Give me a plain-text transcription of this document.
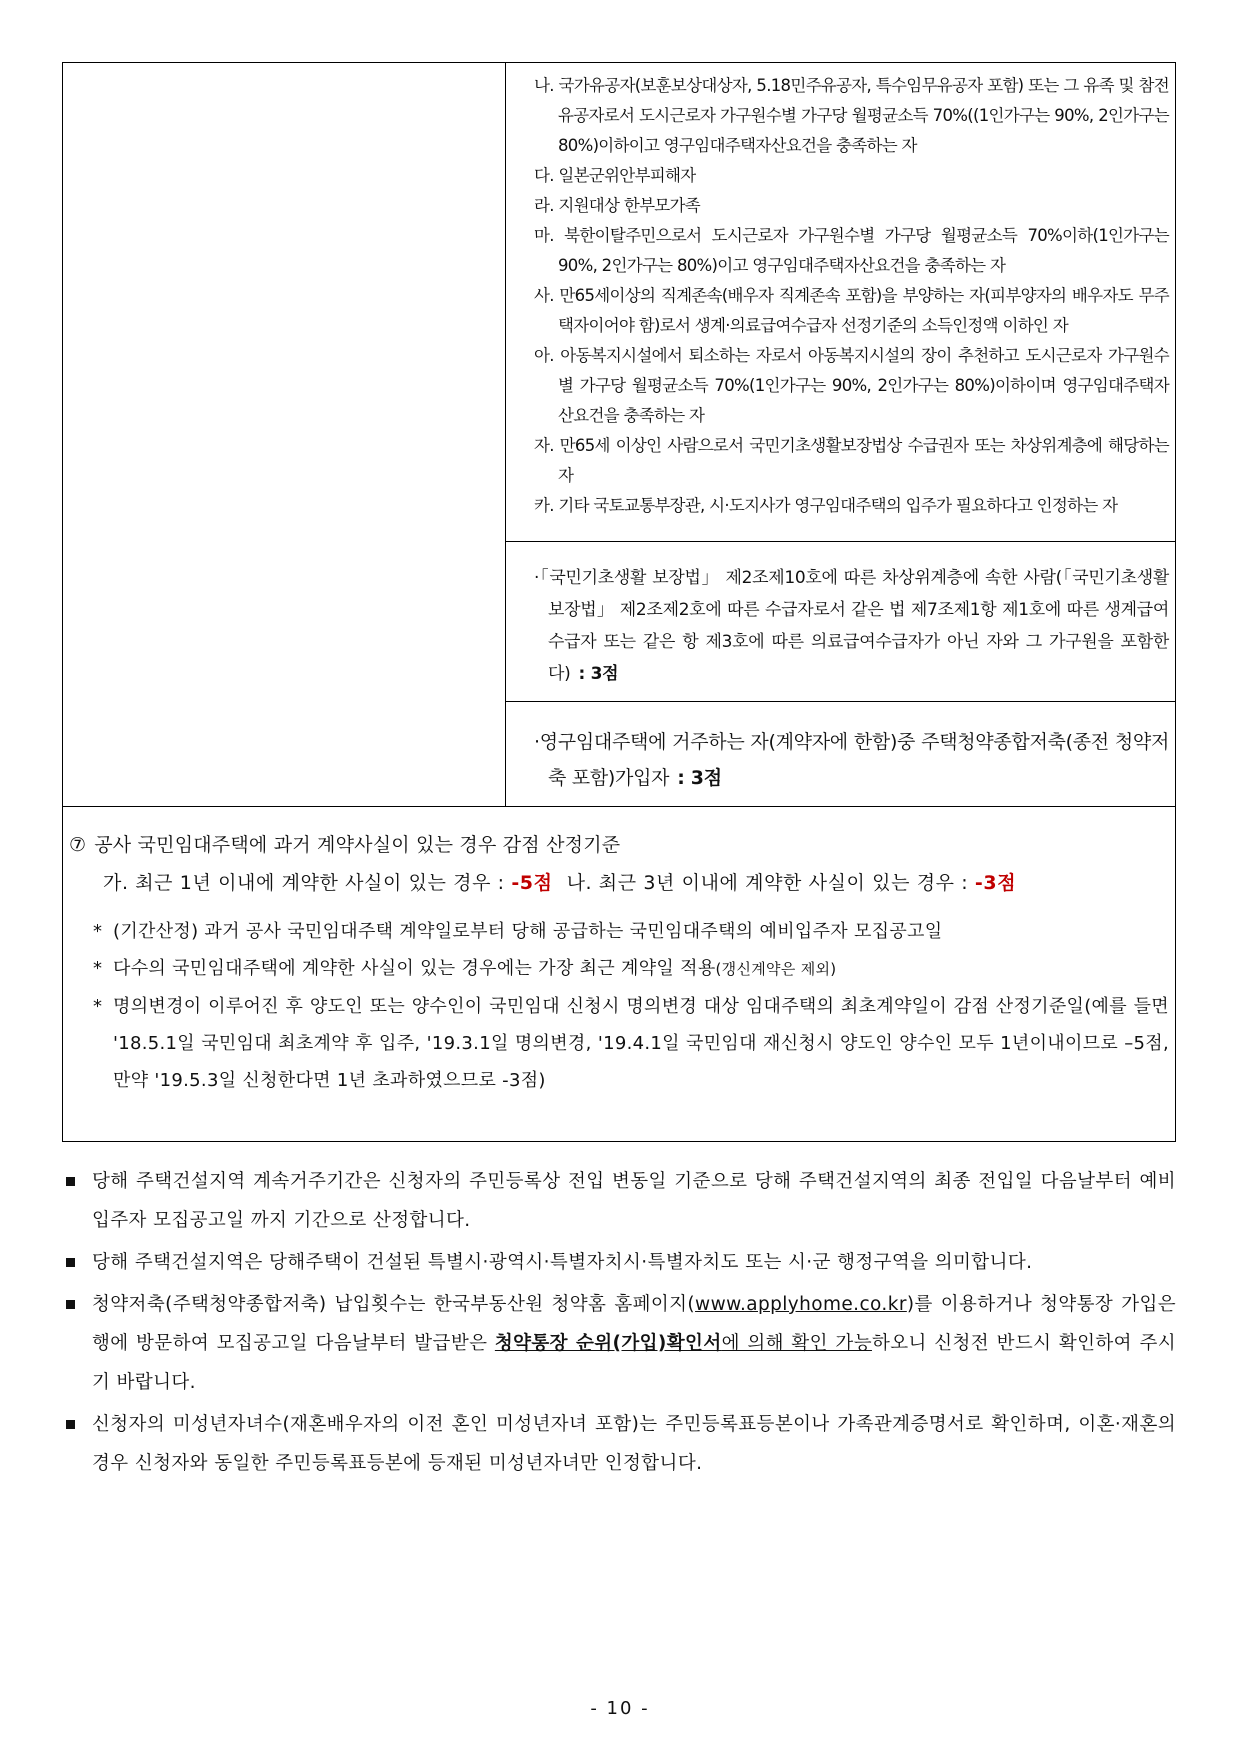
나. 국가유공자(보훈보상대상자, 5.18민주유공자, 특수임무유공자 포함) 또는 그 유족 및 참전유공자로서 도시근로자 가구원수별 가구당 월평균소득 70%((1인가구는 90%, 2인가구는 80%)이하이고 영구임대주택자산요건을 충족하는 자
다. 일본군위안부피해자
라. 지원대상 한부모가족
마. 북한이탈주민으로서 도시근로자 가구원수별 가구당 월평균소득 70%이하(1인가구는 90%, 2인가구는 80%)이고 영구임대주택자산요건을 충족하는 자
사. 만65세이상의 직계존속(배우자 직계존속 포함)을 부양하는 자(피부양자의 배우자도 무주택자이어야 함)로서 생계·의료급여수급자 선정기준의 소득인정액 이하인 자
아. 아동복지시설에서 퇴소하는 자로서 아동복지시설의 장이 추천하고 도시근로자 가구원수별 가구당 월평균소득 70%(1인가구는 90%, 2인가구는 80%)이하이며 영구임대주택자산요건을 충족하는 자
자. 만65세 이상인 사람으로서 국민기초생활보장법상 수급권자 또는 차상위계층에 해당하는 자
카. 기타 국토교통부장관, 시·도지사가 영구임대주택의 입주가 필요하다고 인정하는 자

·「국민기초생활 보장법」 제2조제10호에 따른 차상위계층에 속한 사람(「국민기초생활 보장법」 제2조제2호에 따른 수급자로서 같은 법 제7조제1항 제1호에 따른 생계급여 수급자 또는 같은 항 제3호에 따른 의료급여수급자가 아닌 자와 그 가구원을 포함한다) : 3점

·영구임대주택에 거주하는 자(계약자에 한함)중 주택청약종합저축(종전 청약저축 포함)가입자 : 3점

⑦ 공사 국민임대주택에 과거 계약사실이 있는 경우 감점 산정기준

가. 최근 1년 이내에 계약한 사실이 있는 경우 : -5점 나. 최근 3년 이내에 계약한 사실이 있는 경우 : -3점

* (기간산정) 과거 공사 국민임대주택 계약일로부터 당해 공급하는 국민임대주택의 예비입주자 모집공고일
* 다수의 국민임대주택에 계약한 사실이 있는 경우에는 가장 최근 계약일 적용(갱신계약은 제외)
* 명의변경이 이루어진 후 양도인 또는 양수인이 국민임대 신청시 명의변경 대상 임대주택의 최초계약일이 감점 산정기준일(예를 들면 '18.5.1일 국민임대 최초계약 후 입주, '19.3.1일 명의변경, '19.4.1일 국민임대 재신청시 양도인 양수인 모두 1년이내이므로 –5점, 만약 '19.5.3일 신청한다면 1년 초과하였으므로 -3점)
당해 주택건설지역 계속거주기간은 신청자의 주민등록상 전입 변동일 기준으로 당해 주택건설지역의 최종 전입일 다음날부터 예비입주자 모집공고일 까지 기간으로 산정합니다.
당해 주택건설지역은 당해주택이 건설된 특별시·광역시·특별자치시·특별자치도 또는 시·군 행정구역을 의미합니다.
청약저축(주택청약종합저축) 납입횟수는 한국부동산원 청약홈 홈페이지(www.applyhome.co.kr)를 이용하거나 청약통장 가입은행에 방문하여 모집공고일 다음날부터 발급받은 청약통장 순위(가입)확인서에 의해 확인 가능하오니 신청전 반드시 확인하여 주시기 바랍니다.
신청자의 미성년자녀수(재혼배우자의 이전 혼인 미성년자녀 포함)는 주민등록표등본이나 가족관계증명서로 확인하며, 이혼·재혼의 경우 신청자와 동일한 주민등록표등본에 등재된 미성년자녀만 인정합니다.
- 10 -
